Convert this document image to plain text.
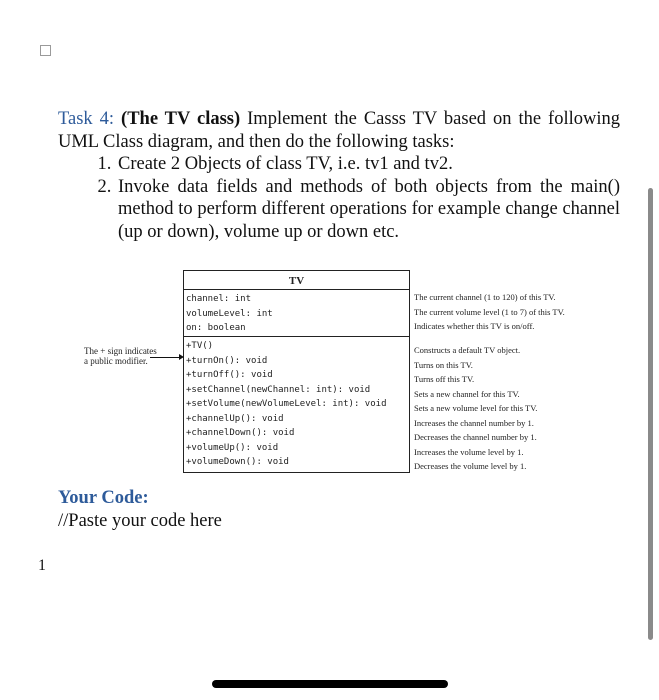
Task 4: (The TV class) Implement the Casss TV based on the following UML Class diagram, and then do the following tasks:

1. Create 2 Objects of class TV, i.e. tv1 and tv2.
2. Invoke data fields and methods of both objects from the main() method to perform different operations for example change channel (up or down), volume up or down etc.
TV
channel: int
volumeLevel: int
on: boolean
+TV()
+turnOn(): void
+turnOff(): void
+setChannel(newChannel: int): void
+setVolume(newVolumeLevel: int): void
+channelUp(): void
+channelDown(): void
+volumeUp(): void
+volumeDown(): void
The + sign indicates
a public modifier.
The current channel (1 to 120) of this TV.
The current volume level (1 to 7) of this TV.
Indicates whether this TV is on/off.
Constructs a default TV object.
Turns on this TV.
Turns off this TV.
Sets a new channel for this TV.
Sets a new volume level for this TV.
Increases the channel number by 1.
Decreases the channel number by 1.
Increases the volume level by 1.
Decreases the volume level by 1.
Your Code:
//Paste your code here
1
